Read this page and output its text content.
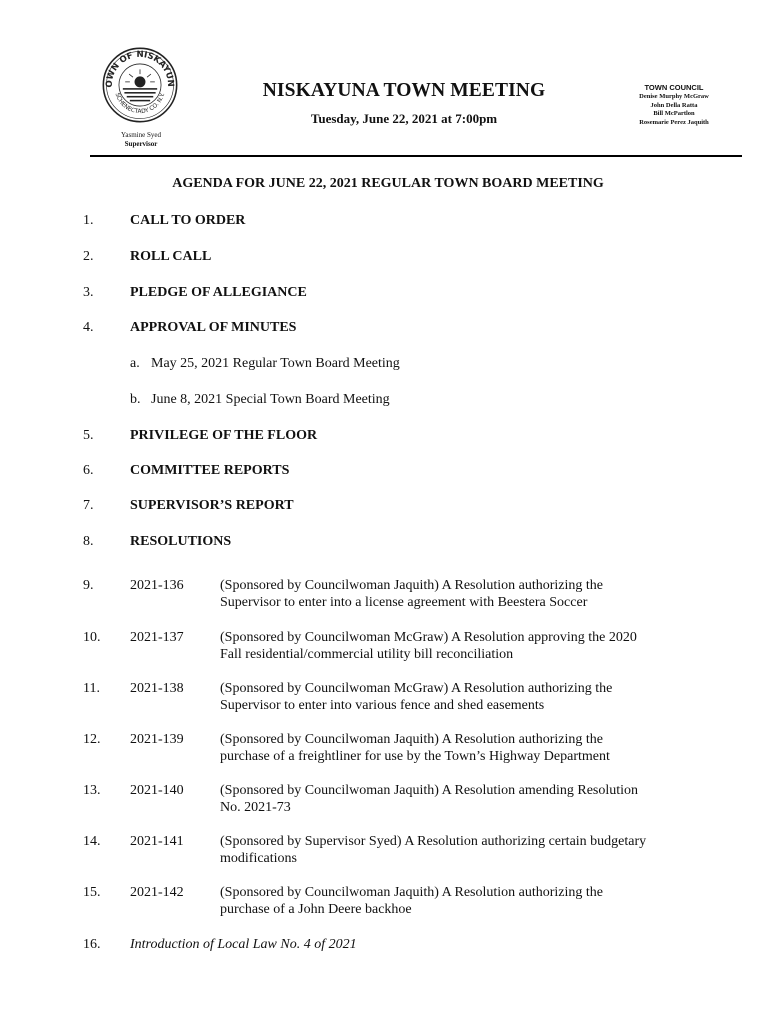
OWN OF NISKAYUN
SCHENECTADY CO. N.Y.
Yasmine Syed
Supervisor
NISKAYUNA TOWN MEETING
Tuesday, June 22, 2021 at 7:00pm
TOWN COUNCIL
Denise Murphy McGraw
John Della Ratta
Bill McPartlon
Rosemarie Perez Jaquith
AGENDA FOR JUNE 22, 2021 REGULAR TOWN BOARD MEETING
1.	CALL TO ORDER
2.	ROLL CALL
3.	PLEDGE OF ALLEGIANCE
4.	APPROVAL OF MINUTES
a. May 25, 2021 Regular Town Board Meeting
b. June 8, 2021 Special Town Board Meeting
5.	PRIVILEGE OF THE FLOOR
6.	COMMITTEE REPORTS
7.	SUPERVISOR’S REPORT
8.	RESOLUTIONS
9.	2021-136	(Sponsored by Councilwoman Jaquith) A Resolution authorizing the
Supervisor to enter into a license agreement with Beestera Soccer
10. 2021-137	(Sponsored by Councilwoman McGraw) A Resolution approving the 2020
Fall residential/commercial utility bill reconciliation
11. 2021-138	(Sponsored by Councilwoman McGraw) A Resolution authorizing the
Supervisor to enter into various fence and shed easements
12. 2021-139	(Sponsored by Councilwoman Jaquith) A Resolution authorizing the
purchase of a freightliner for use by the Town’s Highway Department
13. 2021-140	(Sponsored by Councilwoman Jaquith) A Resolution amending Resolution
No. 2021-73
14. 2021-141	(Sponsored by Supervisor Syed) A Resolution authorizing certain budgetary
modifications
15. 2021-142	(Sponsored by Councilwoman Jaquith) A Resolution authorizing the
purchase of a John Deere backhoe
16. Introduction of Local Law No. 4 of 2021
